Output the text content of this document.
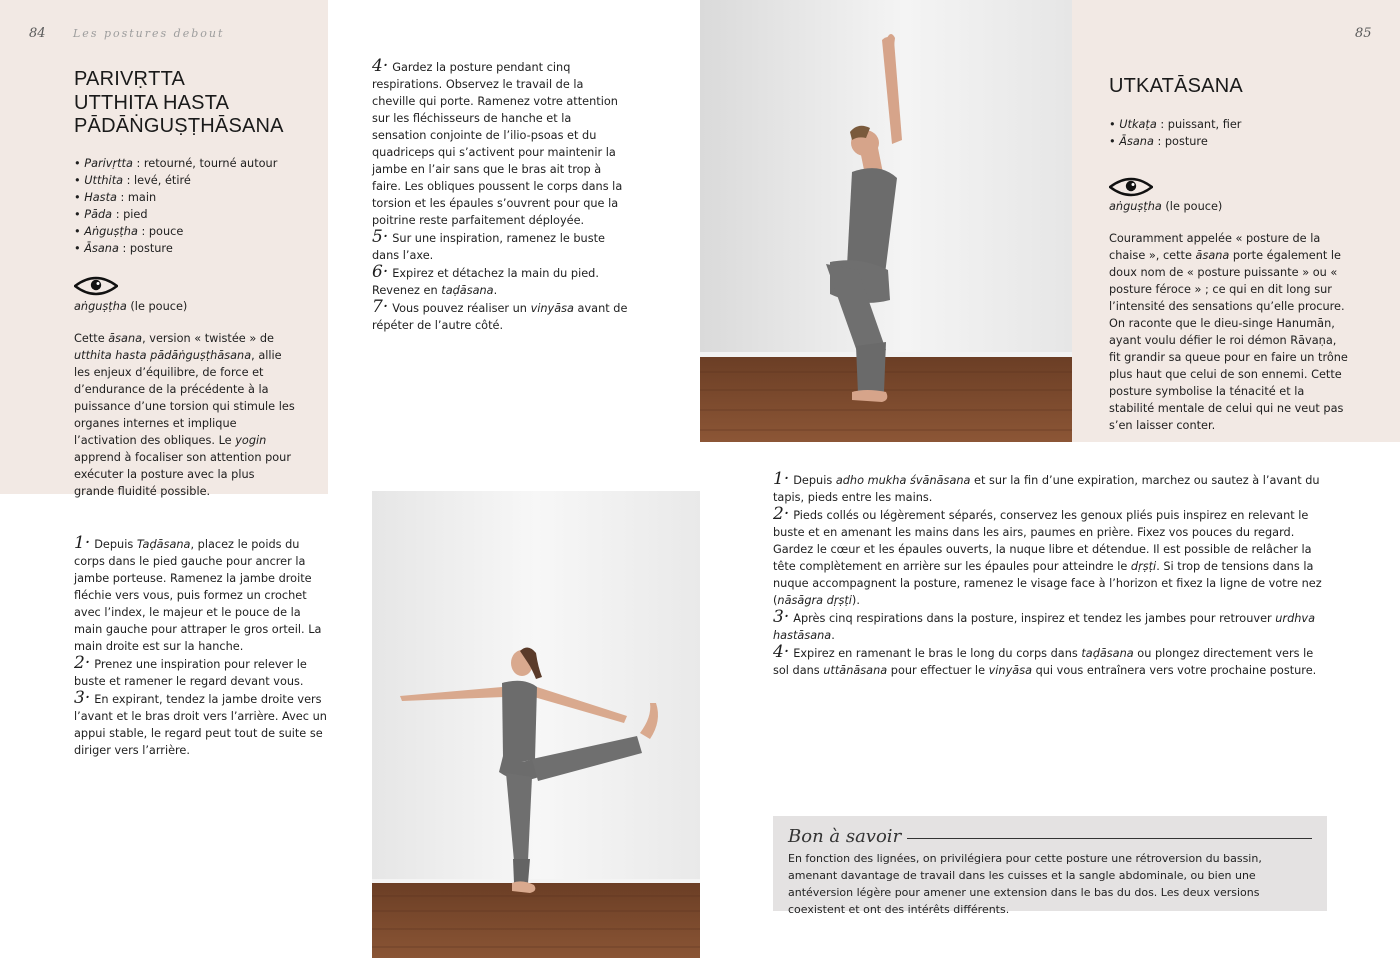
84 Les postures debout
PARIVṚTTA
UTTHITA HASTA
PĀDĀṄGUṢṬHĀSANA
• Parivṛtta : retourné, tourné autour
• Utthita : levé, étiré
• Hasta : main
• Pāda : pied
• Aṅguṣṭha : pouce
• Āsana : posture
aṅguṣṭha (le pouce)

Cette āsana, version « twistée » de utthita hasta pādāṅguṣṭhāsana, allie les enjeux d’équilibre, de force et d’endurance de la précédente à la puissance d’une torsion qui stimule les organes internes et implique l’activation des obliques. Le yogin apprend à focaliser son attention pour exécuter la posture avec la plus grande fluidité possible.

1· Depuis Taḍāsana, placez le poids du corps dans le pied gauche pour ancrer la jambe porteuse. Ramenez la jambe droite fléchie vers vous, puis formez un crochet avec l’index, le majeur et le pouce de la main gauche pour attraper le gros orteil. La main droite est sur la hanche.

2· Prenez une inspiration pour relever le buste et ramener le regard devant vous.

3· En expirant, tendez la jambe droite vers l’avant et le bras droit vers l’arrière. Avec un appui stable, le regard peut tout de suite se diriger vers l’arrière.

4· Gardez la posture pendant cinq respirations. Observez le travail de la cheville qui porte. Ramenez votre attention sur les fléchisseurs de hanche et la sensation conjointe de l’ilio-psoas et du quadriceps qui s’activent pour maintenir la jambe en l’air sans que le bras ait trop à faire. Les obliques poussent le corps dans la torsion et les épaules s’ouvrent pour que la poitrine reste parfaitement déployée.

5· Sur une inspiration, ramenez le buste dans l’axe.

6· Expirez et détachez la main du pied. Revenez en taḍāsana.

7· Vous pouvez réaliser un vinyāsa avant de répéter de l’autre côté.

85
UTKATĀSANA
• Utkaṭa : puissant, fier
• Āsana : posture
aṅguṣṭha (le pouce)

Couramment appelée « posture de la chaise », cette āsana porte également le doux nom de « posture puissante » ou « posture féroce » ; ce qui en dit long sur l’intensité des sensations qu’elle procure. On raconte que le dieu-singe Hanumān, ayant voulu défier le roi démon Rāvaṇa, fit grandir sa queue pour en faire un trône plus haut que celui de son ennemi. Cette posture symbolise la ténacité et la stabilité mentale de celui qui ne veut pas s’en laisser conter.

1· Depuis adho mukha śvānāsana et sur la fin d’une expiration, marchez ou sautez à l’avant du tapis, pieds entre les mains.

2· Pieds collés ou légèrement séparés, conservez les genoux pliés puis inspirez en relevant le buste et en amenant les mains dans les airs, paumes en prière. Fixez vos pouces du regard. Gardez le cœur et les épaules ouverts, la nuque libre et détendue. Il est possible de relâcher la tête complètement en arrière sur les épaules pour atteindre le dṛṣṭi. Si trop de tensions dans la nuque accompagnent la posture, ramenez le visage face à l’horizon et fixez la ligne de votre nez (nāsāgra dṛṣṭi).

3· Après cinq respirations dans la posture, inspirez et tendez les jambes pour retrouver urdhva hastāsana.

4· Expirez en ramenant le bras le long du corps dans taḍāsana ou plongez directement vers le sol dans uttānāsana pour effectuer le vinyāsa qui vous entraînera vers votre prochaine posture.

Bon à savoir

En fonction des lignées, on privilégiera pour cette posture une rétroversion du bassin, amenant davantage de travail dans les cuisses et la sangle abdominale, ou bien une antéversion légère pour amener une extension dans le bas du dos. Les deux versions coexistent et ont des intérêts différents.
